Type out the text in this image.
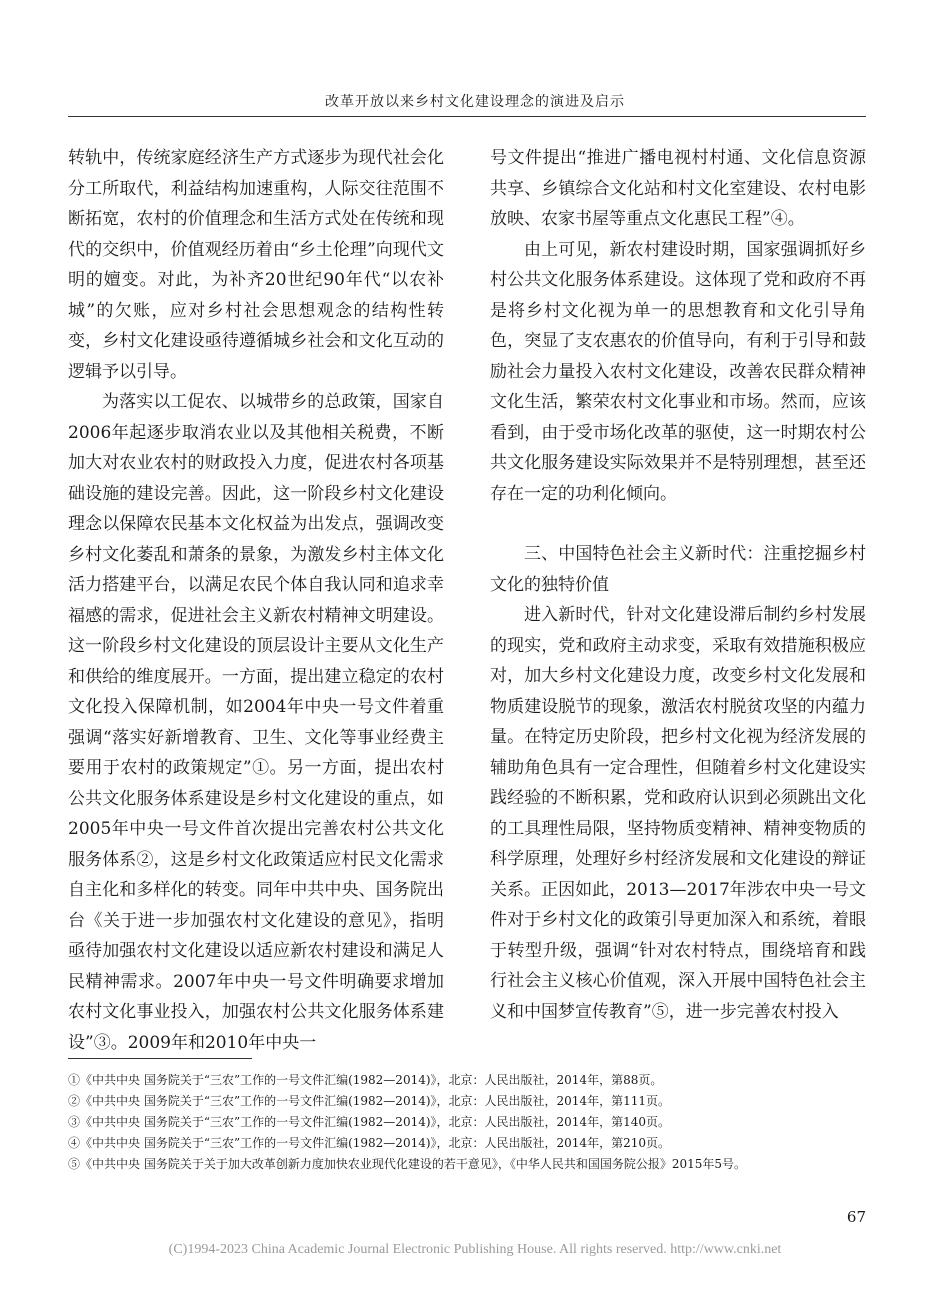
改革开放以来乡村文化建设理念的演进及启示

转轨中，传统家庭经济生产方式逐步为现代社会化分工所取代，利益结构加速重构，人际交往范围不断拓宽，农村的价值理念和生活方式处在传统和现代的交织中，价值观经历着由“乡土伦理”向现代文明的嬗变。对此，为补齐20世纪90年代“以农补城”的欠账，应对乡村社会思想观念的结构性转变，乡村文化建设亟待遵循城乡社会和文化互动的逻辑予以引导。

为落实以工促农、以城带乡的总政策，国家自2006年起逐步取消农业以及其他相关税费，不断加大对农业农村的财政投入力度，促进农村各项基础设施的建设完善。因此，这一阶段乡村文化建设理念以保障农民基本文化权益为出发点，强调改变乡村文化萎乱和萧条的景象，为激发乡村主体文化活力搭建平台，以满足农民个体自我认同和追求幸福感的需求，促进社会主义新农村精神文明建设。这一阶段乡村文化建设的顶层设计主要从文化生产和供给的维度展开。一方面，提出建立稳定的农村文化投入保障机制，如2004年中央一号文件着重强调“落实好新增教育、卫生、文化等事业经费主要用于农村的政策规定”①。另一方面，提出农村公共文化服务体系建设是乡村文化建设的重点，如2005年中央一号文件首次提出完善农村公共文化服务体系②，这是乡村文化政策适应村民文化需求自主化和多样化的转变。同年中共中央、国务院出台《关于进一步加强农村文化建设的意见》，指明亟待加强农村文化建设以适应新农村建设和满足人民精神需求。2007年中央一号文件明确要求增加农村文化事业投入，加强农村公共文化服务体系建设”③。2009年和2010年中央一

号文件提出“推进广播电视村村通、文化信息资源共享、乡镇综合文化站和村文化室建设、农村电影放映、农家书屋等重点文化惠民工程”④。

由上可见，新农村建设时期，国家强调抓好乡村公共文化服务体系建设。这体现了党和政府不再是将乡村文化视为单一的思想教育和文化引导角色，突显了支农惠农的价值导向，有利于引导和鼓励社会力量投入农村文化建设，改善农民群众精神文化生活，繁荣农村文化事业和市场。然而，应该看到，由于受市场化改革的驱使，这一时期农村公共文化服务建设实际效果并不是特别理想，甚至还存在一定的功利化倾向。

三、中国特色社会主义新时代：注重挖掘乡村文化的独特价值

进入新时代，针对文化建设滞后制约乡村发展的现实，党和政府主动求变，采取有效措施积极应对，加大乡村文化建设力度，改变乡村文化发展和物质建设脱节的现象，激活农村脱贫攻坚的内蕴力量。在特定历史阶段，把乡村文化视为经济发展的辅助角色具有一定合理性，但随着乡村文化建设实践经验的不断积累，党和政府认识到必须跳出文化的工具理性局限，坚持物质变精神、精神变物质的科学原理，处理好乡村经济发展和文化建设的辩证关系。正因如此，2013—2017年涉农中央一号文件对于乡村文化的政策引导更加深入和系统，着眼于转型升级，强调“针对农村特点，围绕培育和践行社会主义核心价值观，深入开展中国特色社会主义和中国梦宣传教育”⑤，进一步完善农村投入

①《中共中央 国务院关于“三农”工作的一号文件汇编(1982—2014)》，北京：人民出版社，2014年，第88页。
②《中共中央 国务院关于“三农”工作的一号文件汇编(1982—2014)》，北京：人民出版社，2014年，第111页。
③《中共中央 国务院关于“三农”工作的一号文件汇编(1982—2014)》，北京：人民出版社，2014年，第140页。
④《中共中央 国务院关于“三农”工作的一号文件汇编(1982—2014)》，北京：人民出版社，2014年，第210页。
⑤《中共中央 国务院关于关于加大改革创新力度加快农业现代化建设的若干意见》，《中华人民共和国国务院公报》2015年5号。
67
(C)1994-2023 China Academic Journal Electronic Publishing House. All rights reserved. http://www.cnki.net
